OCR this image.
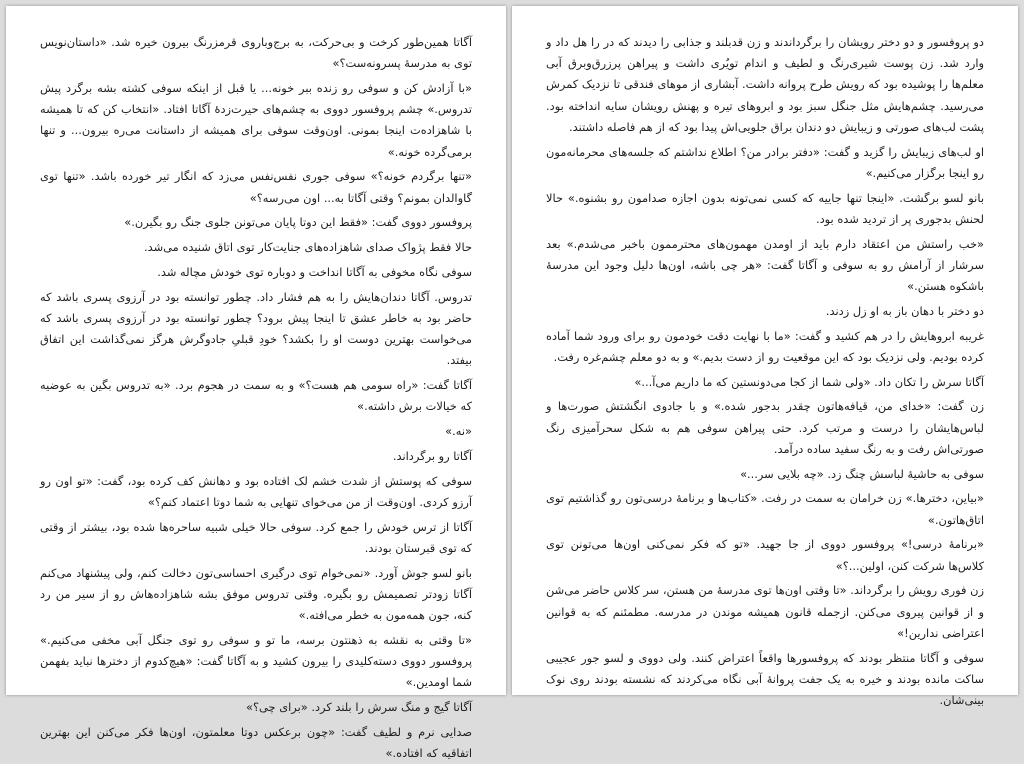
آگاتا همین‌طور کرخت و بی‌حرکت، به برج‌وباروی قرمزرنگ بیرون خیره شد. «داستان‌نویس توی به مدرسهٔ پسرونه‌ست؟»

«با آزادش کن و سوفی رو زنده ببر خونه... یا قبل از اینکه سوفی کشته بشه برگرد پیش تدروس.» چشم پروفسور دووی به چشم‌های حیرت‌زدهٔ آگاتا افتاد. «انتخاب کن که تا همیشه با شاهزاده‌ت اینجا بمونی. اون‌وقت سوفی برای همیشه از داستانت می‌ره بیرون... و تنها برمی‌گرده خونه.»

«تنها برگردم خونه؟» سوفی جوری نفس‌نفس می‌زد که انگار تیر خورده باشد. «تنها توی گاوالدان بمونم؟ وقتی آگاتا به... اون می‌رسه؟»

پروفسور دووی گفت: «فقط این دوتا پایان می‌تونن جلوی جنگ رو بگیرن.»

حالا فقط پژواک صدای شاهزاده‌های جنایت‌کار توی اتاق شنیده می‌شد.

سوفی نگاه مخوفی به آگاتا انداخت و دوباره توی خودش مچاله شد.

تدروس. آگاتا دندان‌هایش را به هم فشار داد. چطور توانسته بود در آرزوی پسری باشد که حاضر بود به خاطر عشق تا اینجا پیش برود؟ چطور توانسته بود در آرزوی پسری باشد که می‌خواست بهترین دوست او را بکشد؟ خودِ قبلیِ جادوگرش هرگز نمی‌گذاشت این اتفاق بیفتد.

آگاتا گفت: «راه سومی هم هست؟» و به سمت در هجوم برد. «به تدروس بگین به عوضیه که خیالات برش داشته.»

«نه.»

آگاتا رو برگرداند.

سوفی که پوستش از شدت خشم لک افتاده بود و دهانش کف کرده بود، گفت: «تو اون رو آرزو کردی. اون‌وقت از من می‌خوای تنهایی به شما دوتا اعتماد کنم؟»

آگاتا از ترس خودش را جمع کرد. سوفی حالا خیلی شبیه ساحره‌ها شده بود، بیشتر از وقتی که توی قبرستان بودند.

بانو لسو جوش آورد. «نمی‌خوام توی درگیری احساسی‌تون دخالت کنم، ولی پیشنهاد می‌کنم آگاتا زودتر تصمیمش رو بگیره. وقتی تدروس موفق بشه شاهزاده‌هاش رو از سیر من رد کنه، جون همه‌مون به خطر می‌افته.»

«تا وقتی به نقشه به ذهنتون برسه، ما تو و سوفی رو توی جنگل آبی مخفی می‌کنیم.» پروفسور دووی دسته‌کلیدی را بیرون کشید و به آگاتا گفت: «هیچ‌کدوم از دخترها نباید بفهمن شما اومدین.»

آگاتا گیج و منگ سرش را بلند کرد. «برای چی؟»

صدایی نرم و لطیف گفت: «چون برعکس دوتا معلمتون، اون‌ها فکر می‌کنن این بهترین اتفاقیه که افتاده.»

دو پروفسور و دو دختر رویشان را برگرداندند و زن قدبلند و جذابی را دیدند که در را هل داد و وارد شد. زن پوست شیری‌رنگ و لطیف و اندام تویُری داشت و پیراهن پرزرق‌وبرق آبی معلم‌ها را پوشیده بود که رویش طرح پروانه داشت. آبشاری از موهای فندقی تا نزدیک کمرش می‌رسید. چشم‌هایش مثل جنگل سبز بود و ابروهای تیره و پهنش رویشان سایه انداخته بود. پشت لب‌های صورتی و زیبایش دو دندان براق جلویی‌اش پیدا بود که از هم فاصله داشتند.

او لب‌های زیبایش را گزید و گفت: «دفتر برادر من؟ اطلاع نداشتم که جلسه‌های محرمانه‌مون رو اینجا برگزار می‌کنیم.»

بانو لسو برگشت. «اینجا تنها جاییه که کسی نمی‌تونه بدون اجازه صدامون رو بشنوه.» حالا لحنش بدجوری پر از تردید شده بود.

«خب راستش من اعتقاد دارم باید از اومدن مهمون‌های محترممون باخبر می‌شدم.» بعد سرشار از آرامش رو به سوفی و آگاتا گفت: «هر چی باشه، اون‌ها دلیل وجود این مدرسهٔ باشکوه هستن.»

دو دختر با دهان باز به او زل زدند.

غریبه ابروهایش را در هم کشید و گفت: «ما با نهایت دقت خودمون رو برای ورود شما آماده کرده بودیم. ولی نزدیک بود که این موقعیت رو از دست بدیم.» و به دو معلم چشم‌غره رفت.

آگاتا سرش را تکان داد. «ولی شما از کجا می‌دونستین که ما داریم می‌آ...»

زن گفت: «خدای من، قیافه‌هاتون چقدر بدجور شده.» و با جادوی انگشتش صورت‌ها و لباس‌هایشان را درست و مرتب کرد. حتی پیراهن سوفی هم به شکل سحرآمیزی رنگ صورتی‌اش رفت و به رنگ سفید ساده درآمد.

سوفی به حاشیهٔ لباسش چنگ زد. «چه بلایی سر...»

«بیاین، دخترها.» زن خرامان به سمت در رفت. «کتاب‌ها و برنامهٔ درسی‌تون رو گذاشتیم توی اتاق‌هاتون.»

«برنامهٔ درسی!» پروفسور دووی از جا جهید. «تو که فکر نمی‌کنی اون‌ها می‌تونن توی کلاس‌ها شرکت کنن، اولین...؟»

زن فوری رویش را برگرداند. «تا وقتی اون‌ها توی مدرسهٔ من هستن، سر کلاس حاضر می‌شن و از قوانین پیروی می‌کنن. ازجمله قانون همیشه موندن در مدرسه. مطمئنم که به قوانین اعتراضی ندارین!»

سوفی و آگاتا منتظر بودند که پروفسورها واقعاً اعتراض کنند. ولی دووی و لسو جور عجیبی ساکت مانده بودند و خیره به یک جفت پروانهٔ آبی نگاه می‌کردند که نشسته بودند روی نوک بینی‌شان.
